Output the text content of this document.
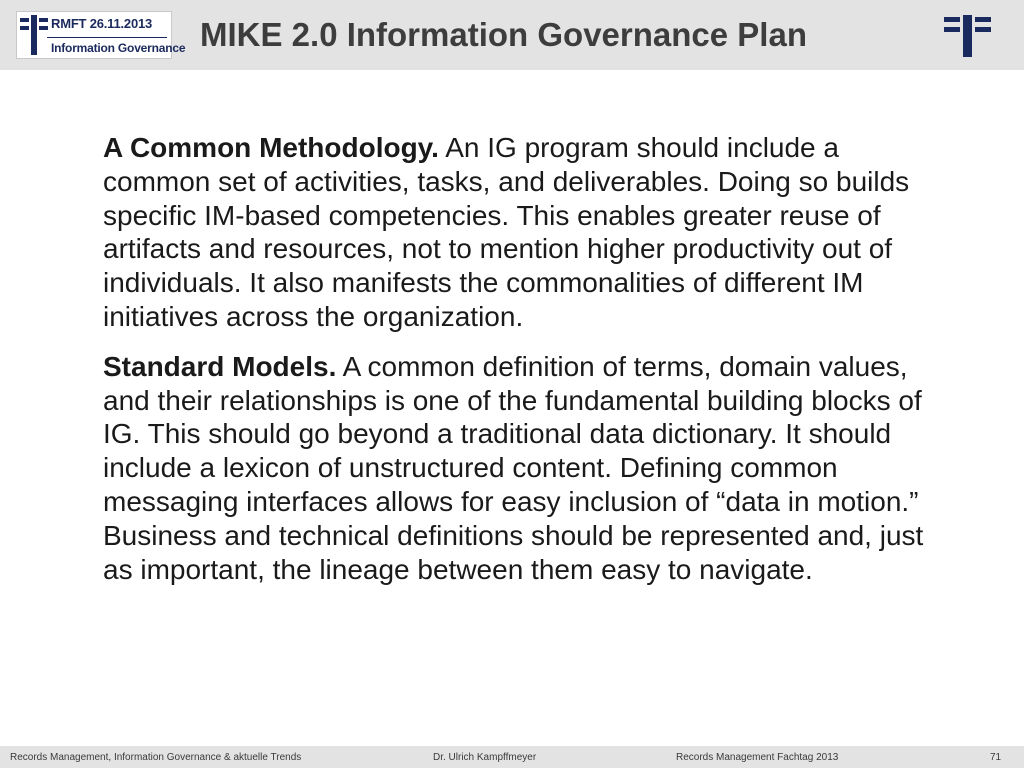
RMFT 26.11.2013
Information Governance MIKE 2.0 Information Governance Plan

A Common Methodology. An IG program should include a common set of activities, tasks, and deliverables. Doing so builds specific IM-based competencies. This enables greater reuse of artifacts and resources, not to mention higher productivity out of individuals. It also manifests the commonalities of different IM initiatives across the organization.

Standard Models. A common definition of terms, domain values, and their relationships is one of the fundamental building blocks of IG. This should go beyond a traditional data dictionary. It should include a lexicon of unstructured content. Defining common messaging interfaces allows for easy inclusion of “data in motion.” Business and technical definitions should be represented and, just as important, the lineage between them easy to navigate.

Records Management, Information Governance & aktuelle Trends	Dr. Ulrich Kampffmeyer	Records Management Fachtag 2013	71
